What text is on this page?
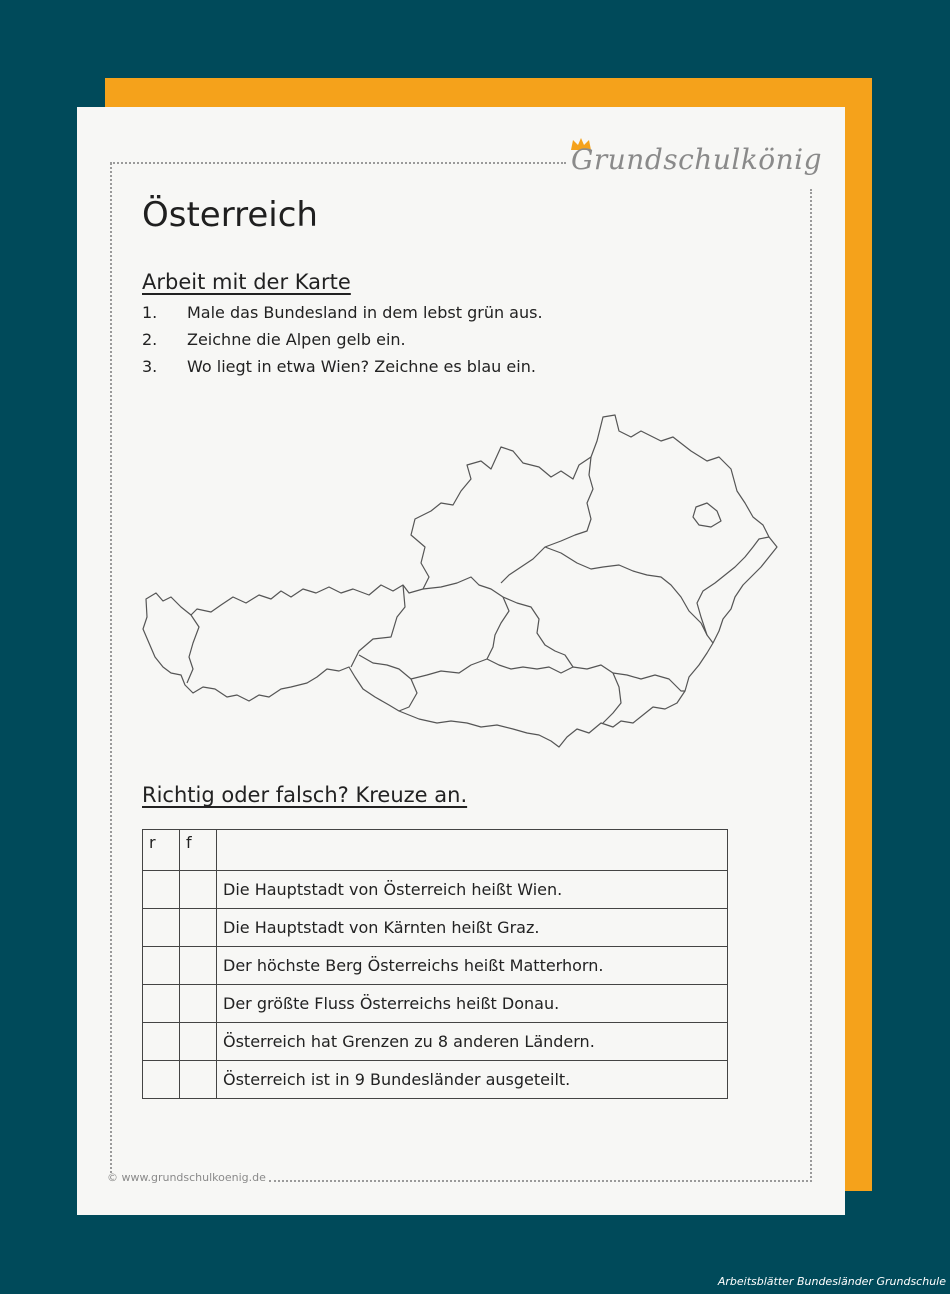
Grundschulkönig
Österreich
Arbeit mit der Karte
1.	Male das Bundesland in dem lebst grün aus.
2.	Zeichne die Alpen gelb ein.
3.	Wo liegt in etwa Wien? Zeichne es blau ein.
Richtig oder falsch? Kreuze an.
r	f	
		Die Hauptstadt von Österreich heißt Wien.
		Die Hauptstadt von Kärnten heißt Graz.
		Der höchste Berg Österreichs heißt Matterhorn.
		Der größte Fluss Österreichs heißt Donau.
		Österreich hat Grenzen zu 8 anderen Ländern.
		Österreich ist in 9 Bundesländer ausgeteilt.
© www.grundschulkoenig.de
Arbeitsblätter Bundesländer Grundschule
